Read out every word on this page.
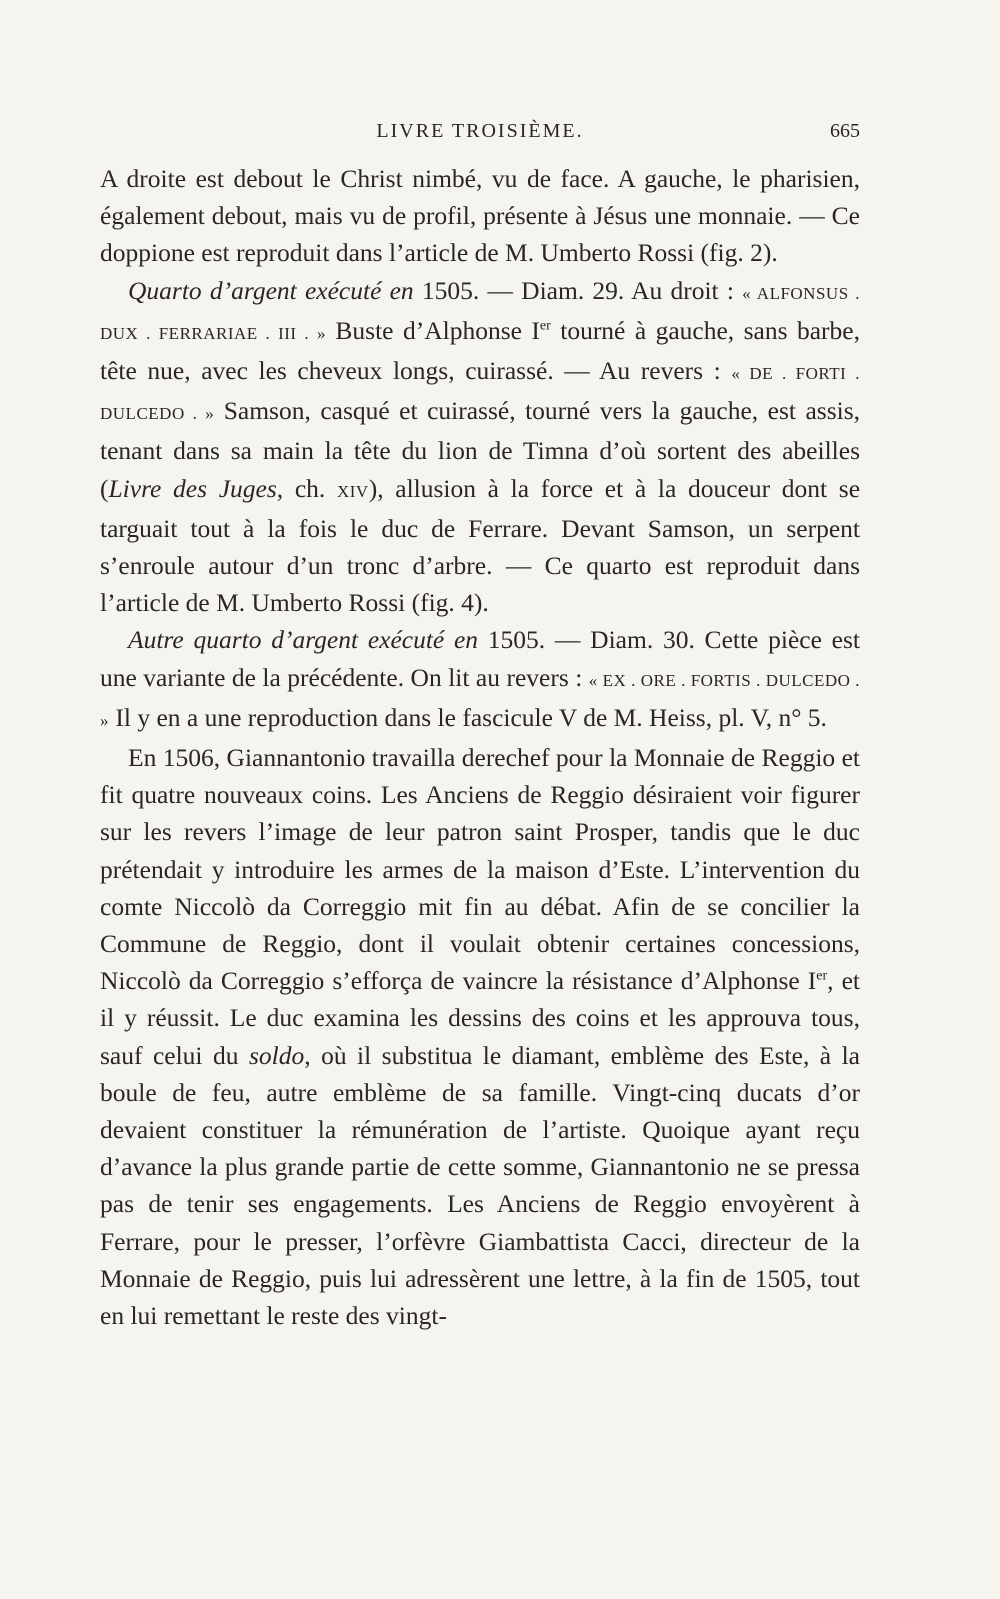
LIVRE TROISIÈME.	665

A droite est debout le Christ nimbé, vu de face. A gauche, le pharisien, également debout, mais vu de profil, présente à Jésus une monnaie. — Ce doppione est reproduit dans l’article de M. Umberto Rossi (fig. 2).

Quarto d’argent exécuté en 1505. — Diam. 29. Au droit : « ALFONSUS . DUX . FERRARIAE . III . » Buste d’Alphonse Ier tourné à gauche, sans barbe, tête nue, avec les cheveux longs, cuirassé. — Au revers : « DE . FORTI . DULCEDO . » Samson, casqué et cuirassé, tourné vers la gauche, est assis, tenant dans sa main la tête du lion de Timna d’où sortent des abeilles (Livre des Juges, ch. XIV), allusion à la force et à la douceur dont se targuait tout à la fois le duc de Ferrare. Devant Samson, un serpent s’enroule autour d’un tronc d’arbre. — Ce quarto est reproduit dans l’article de M. Umberto Rossi (fig. 4).

Autre quarto d’argent exécuté en 1505. — Diam. 30. Cette pièce est une variante de la précédente. On lit au revers : « EX . ORE . FORTIS . DULCEDO . » Il y en a une reproduction dans le fascicule V de M. Heiss, pl. V, n° 5.

En 1506, Giannantonio travailla derechef pour la Monnaie de Reggio et fit quatre nouveaux coins. Les Anciens de Reggio désiraient voir figurer sur les revers l’image de leur patron saint Prosper, tandis que le duc prétendait y introduire les armes de la maison d’Este. L’intervention du comte Niccolò da Correggio mit fin au débat. Afin de se concilier la Commune de Reggio, dont il voulait obtenir certaines concessions, Niccolò da Correggio s’efforça de vaincre la résistance d’Alphonse Ier, et il y réussit. Le duc examina les dessins des coins et les approuva tous, sauf celui du soldo, où il substitua le diamant, emblème des Este, à la boule de feu, autre emblème de sa famille. Vingt-cinq ducats d’or devaient constituer la rémunération de l’artiste. Quoique ayant reçu d’avance la plus grande partie de cette somme, Giannantonio ne se pressa pas de tenir ses engagements. Les Anciens de Reggio envoyèrent à Ferrare, pour le presser, l’orfèvre Giambattista Cacci, directeur de la Monnaie de Reggio, puis lui adressèrent une lettre, à la fin de 1505, tout en lui remettant le reste des vingt-
